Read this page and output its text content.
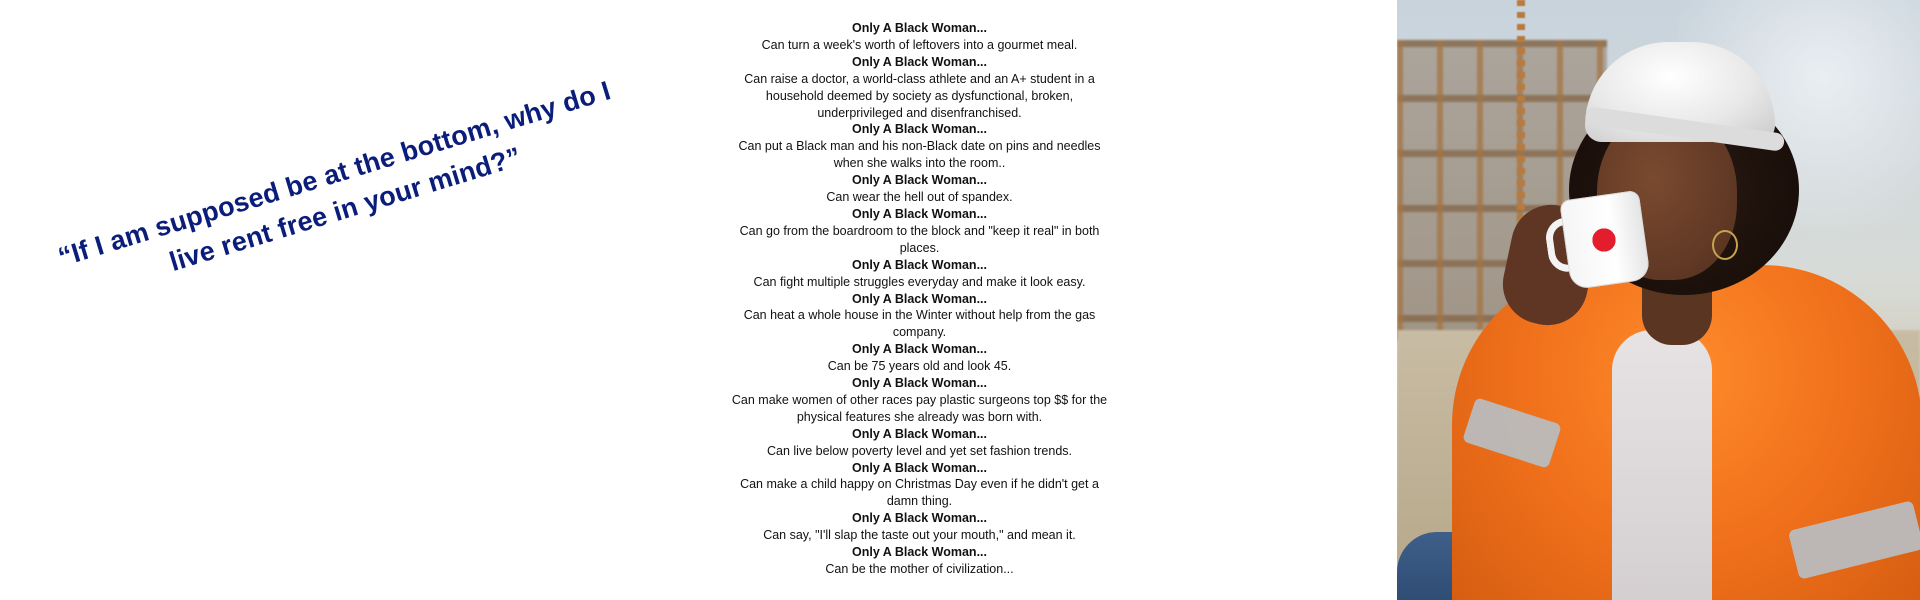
“If I am supposed be at the bottom, why do I live rent free in your mind?”
Only A Black Woman...
Can turn a week's worth of leftovers into a gourmet meal.
Only A Black Woman...
Can raise a doctor, a world-class athlete and an A+ student in a household deemed by society as dysfunctional, broken, underprivileged and disenfranchised.
Only A Black Woman...
Can put a Black man and his non-Black date on pins and needles when she walks into the room..
Only A Black Woman...
Can wear the hell out of spandex.
Only A Black Woman...
Can go from the boardroom to the block and "keep it real" in both places.
Only A Black Woman...
Can fight multiple struggles everyday and make it look easy.
Only A Black Woman...
Can heat a whole house in the Winter without help from the gas company.
Only A Black Woman...
Can be 75 years old and look 45.
Only A Black Woman...
Can make women of other races pay plastic surgeons top $$ for the physical features she already was born with.
Only A Black Woman...
Can live below poverty level and yet set fashion trends.
Only A Black Woman...
Can make a child happy on Christmas Day even if he didn't get a damn thing.
Only A Black Woman...
Can say, "I'll slap the taste out your mouth," and mean it.
Only A Black Woman...
Can be the mother of civilization...
